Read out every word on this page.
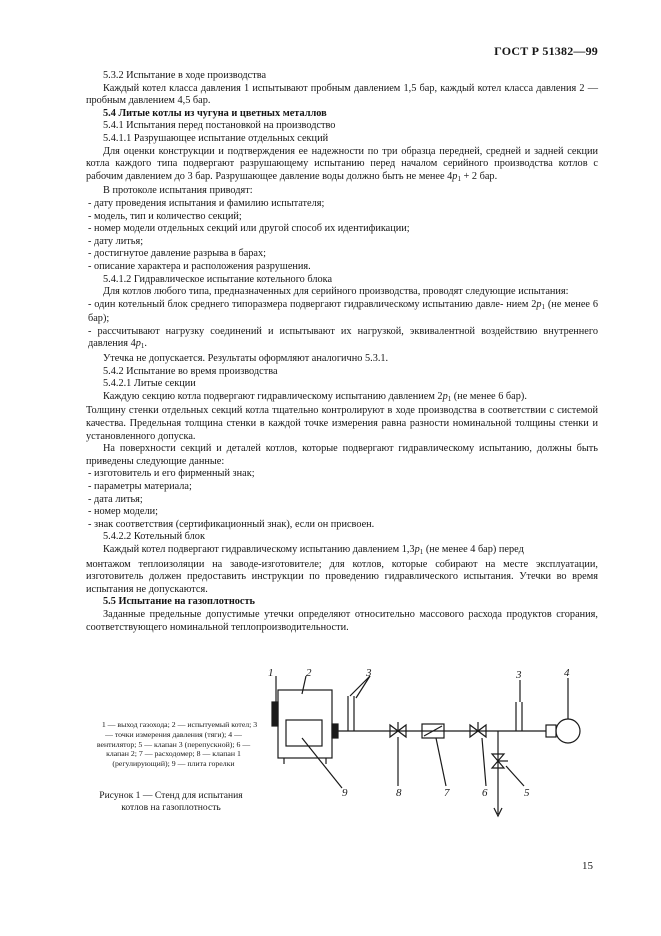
ГОСТ Р 51382—99

5.3.2 Испытание в ходе производства

Каждый котел класса давления 1 испытывают пробным давлением 1,5 бар, каждый котел класса давления 2 — пробным давлением 4,5 бар.

5.4 Литые котлы из чугуна и цветных металлов

5.4.1 Испытания перед постановкой на производство

5.4.1.1 Разрушающее испытание отдельных секций

Для оценки конструкции и подтверждения ее надежности по три образца передней, средней и задней секции котла каждого типа подвергают разрушающему испытанию перед началом серийного производства котлов с рабочим давлением до 3 бар. Разрушающее давление воды должно быть не менее $4p_1 + 2$ бар.

В протоколе испытания приводят:

- дату проведения испытания и фамилию испытателя;

- модель, тип и количество секций;

- номер модели отдельных секций или другой способ их идентификации;

- дату литья;

- достигнутое давление разрыва в барах;

- описание характера и расположения разрушения.

5.4.1.2 Гидравлическое испытание котельного блока

Для котлов любого типа, предназначенных для серийного производства, проводят следующие испытания:

- один котельный блок среднего типоразмера подвергают гидравлическому испытанию давле- нием $2p_1$ (не менее 6 бар);

- рассчитывают нагрузку соединений и испытывают их нагрузкой, эквивалентной воздействию внутреннего давления $4p_1$.

Утечка не допускается. Результаты оформляют аналогично 5.3.1.

5.4.2 Испытание во время производства

5.4.2.1 Литые секции

Каждую секцию котла подвергают гидравлическому испытанию давлением $2p_1$ (не менее 6 бар).

Толщину стенки отдельных секций котла тщательно контролируют в ходе производства в соответствии с системой качества. Предельная толщина стенки в каждой точке измерения равна разности номинальной толщины стенки и установленного допуска.

На поверхности секций и деталей котлов, которые подвергают гидравлическому испытанию, должны быть приведены следующие данные:

- изготовитель и его фирменный знак;

- параметры материала;

- дата литья;

- номер модели;

- знак соответствия (сертификационный знак), если он присвоен.

5.4.2.2 Котельный блок

Каждый котел подвергают гидравлическому испытанию давлением $1,3p_1$ (не менее 4 бар) перед

монтажом теплоизоляции на заводе-изготовителе; для котлов, которые собирают на месте эксплуатации, изготовитель должен предоставить инструкции по проведению гидравлического испытания. Утечки во время испытания не допускаются.

5.5 Испытание на газоплотность

Заданные предельные допустимые утечки определяют относительно массового расхода продуктов сгорания, соответствующего номинальной теплопроизводительности.

1	2	3	3	4
5
6
7
8
9

1 — выход газохода; 2 — испытуемый котел; 3 — точки измерения давления (тяги); 4 — вентилятор; 5 — клапан 3 (перепускной); 6 — клапан 2; 7 — расходомер; 8 — клапан 1 (регулирующий); 9 — плита горелки

Рисунок 1 — Стенд для испытания

котлов на газоплотность

15
